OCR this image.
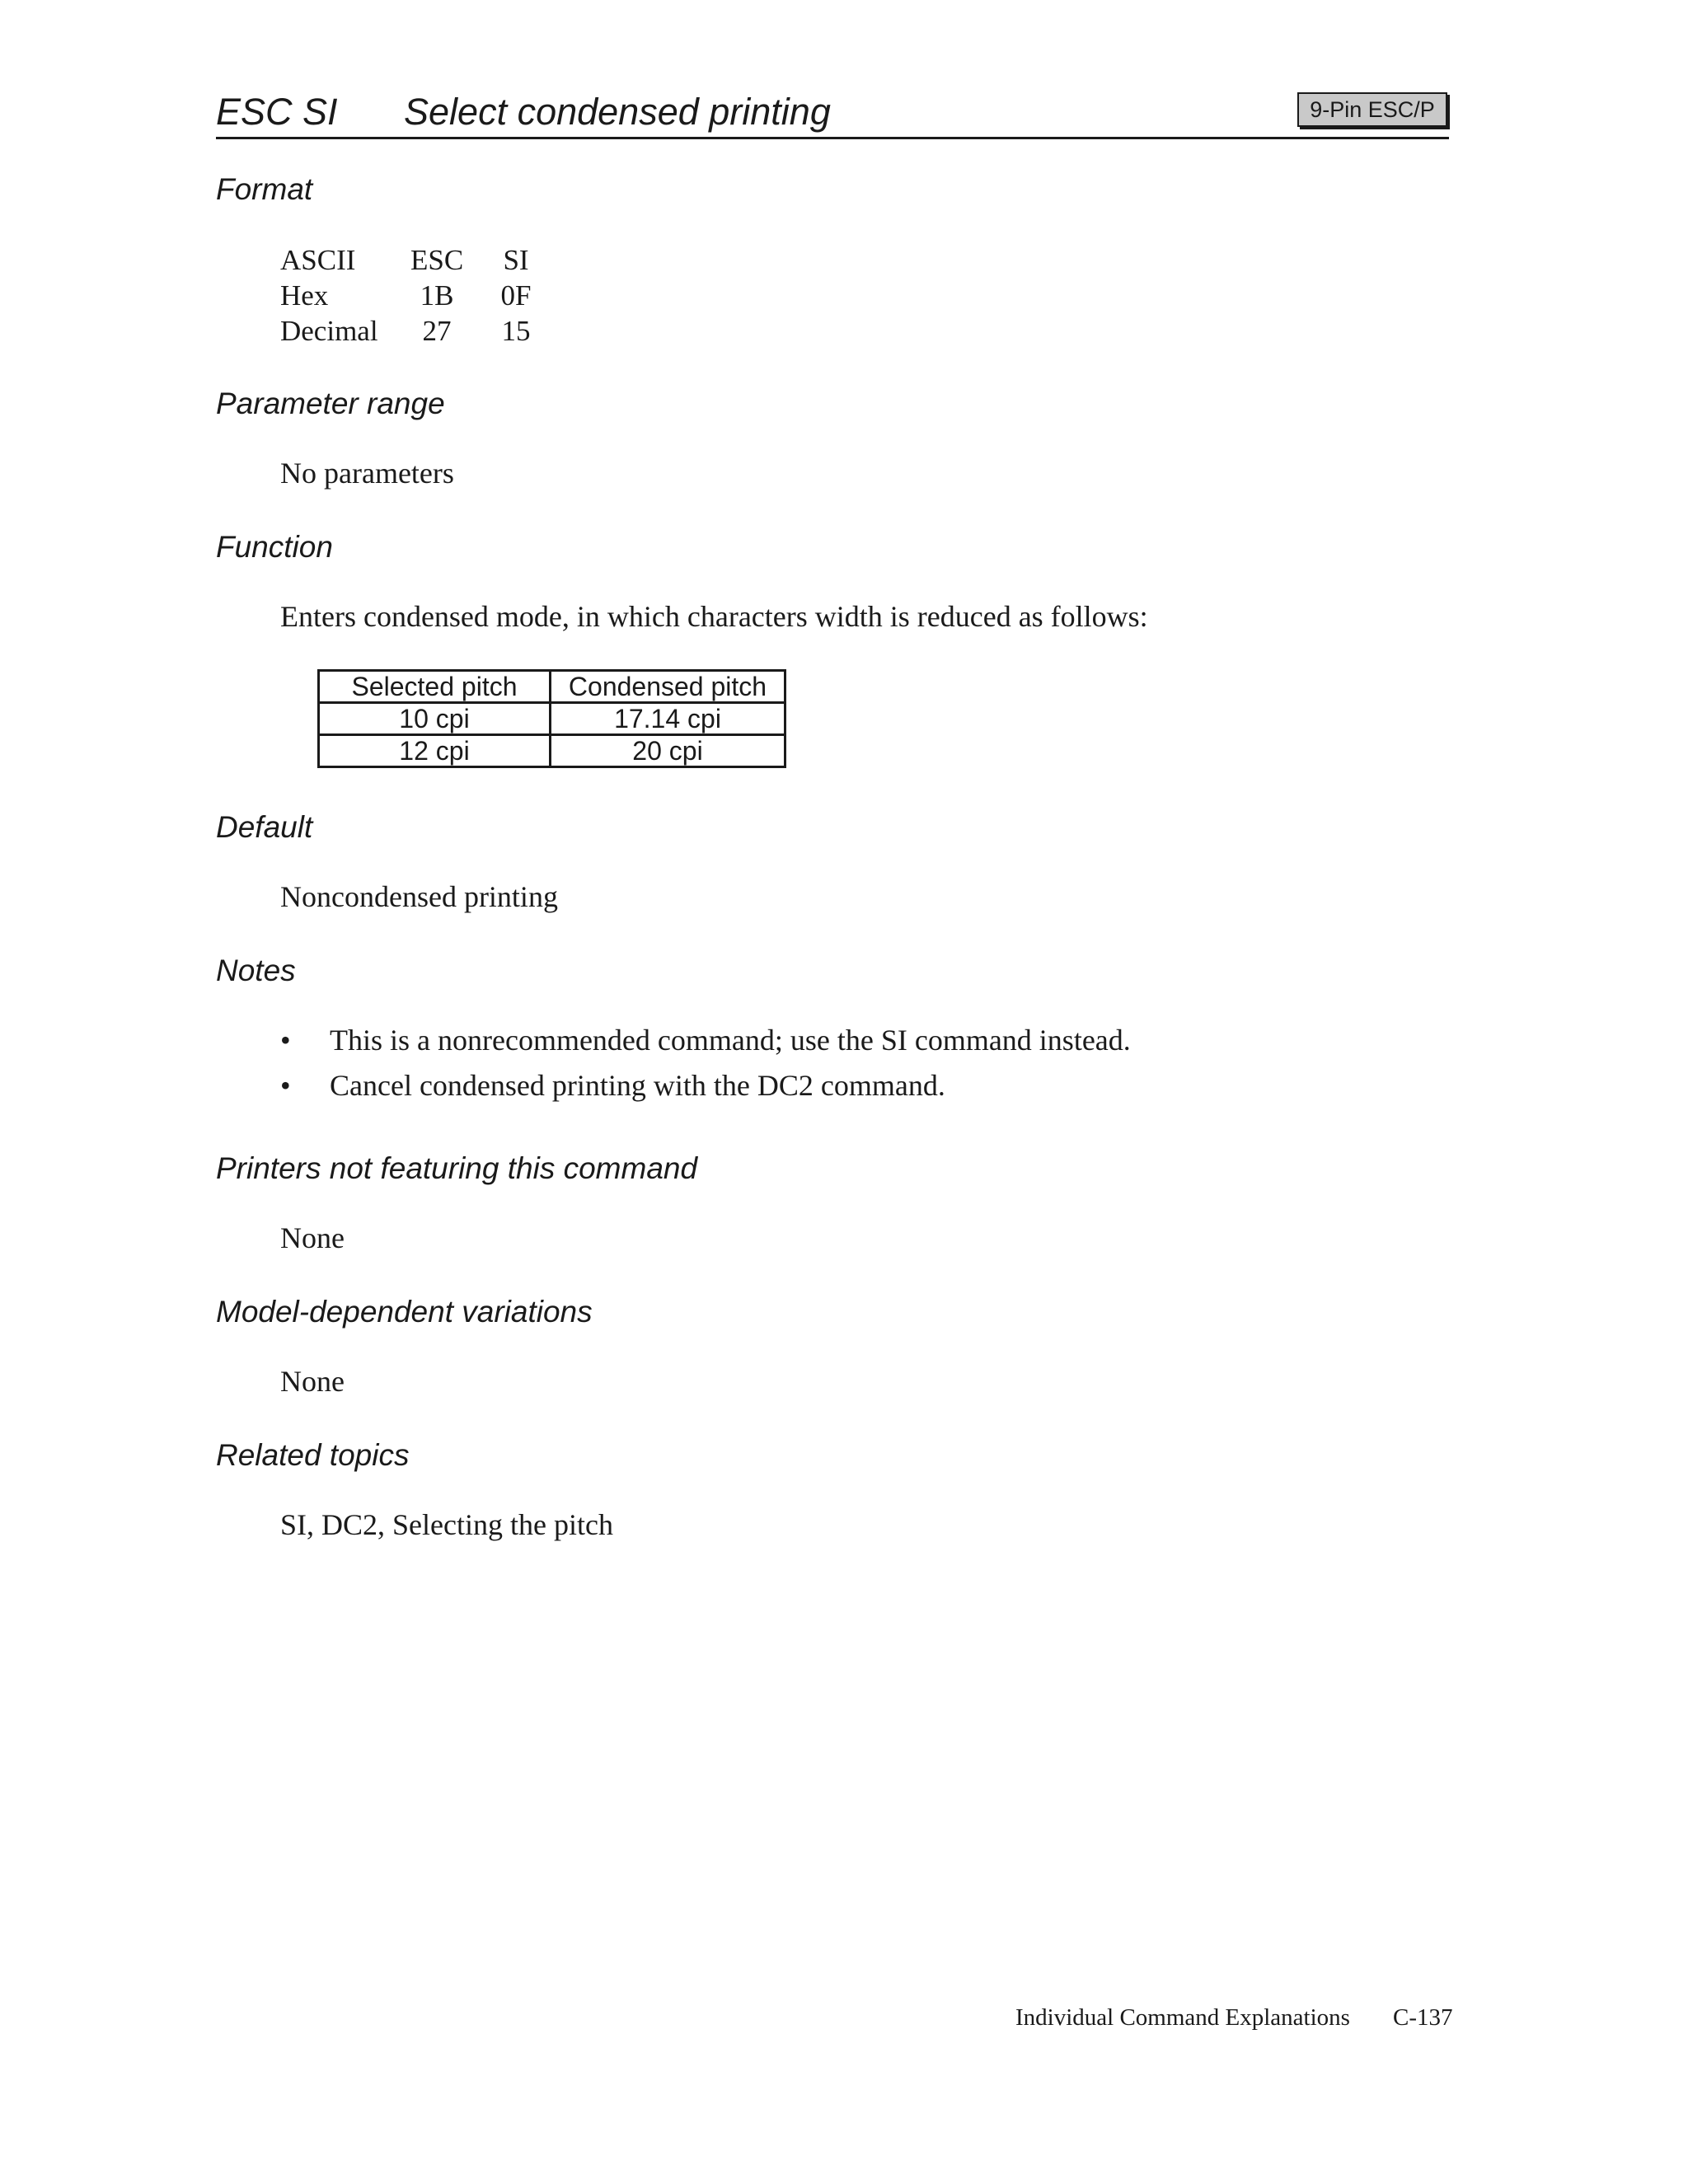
ESC SI Select condensed printing	9-Pin ESC/P
Format
ASCII ESC SI
Hex	1B	0F
Decimal	27	15
Parameter range
No parameters
Function
Enters condensed mode, in which characters width is reduced as follows:
Selected pitch	Condensed pitch
10 cpi	17.14 cpi
12 cpi	20 cpi
Default
Noncondensed printing
Notes
• This is a nonrecommended command; use the SI command instead.
• Cancel condensed printing with the DC2 command.
Printers not featuring this command
None
Model-dependent variations
None
Related topics
SI, DC2, Selecting the pitch
Individual Command Explanations C-137
